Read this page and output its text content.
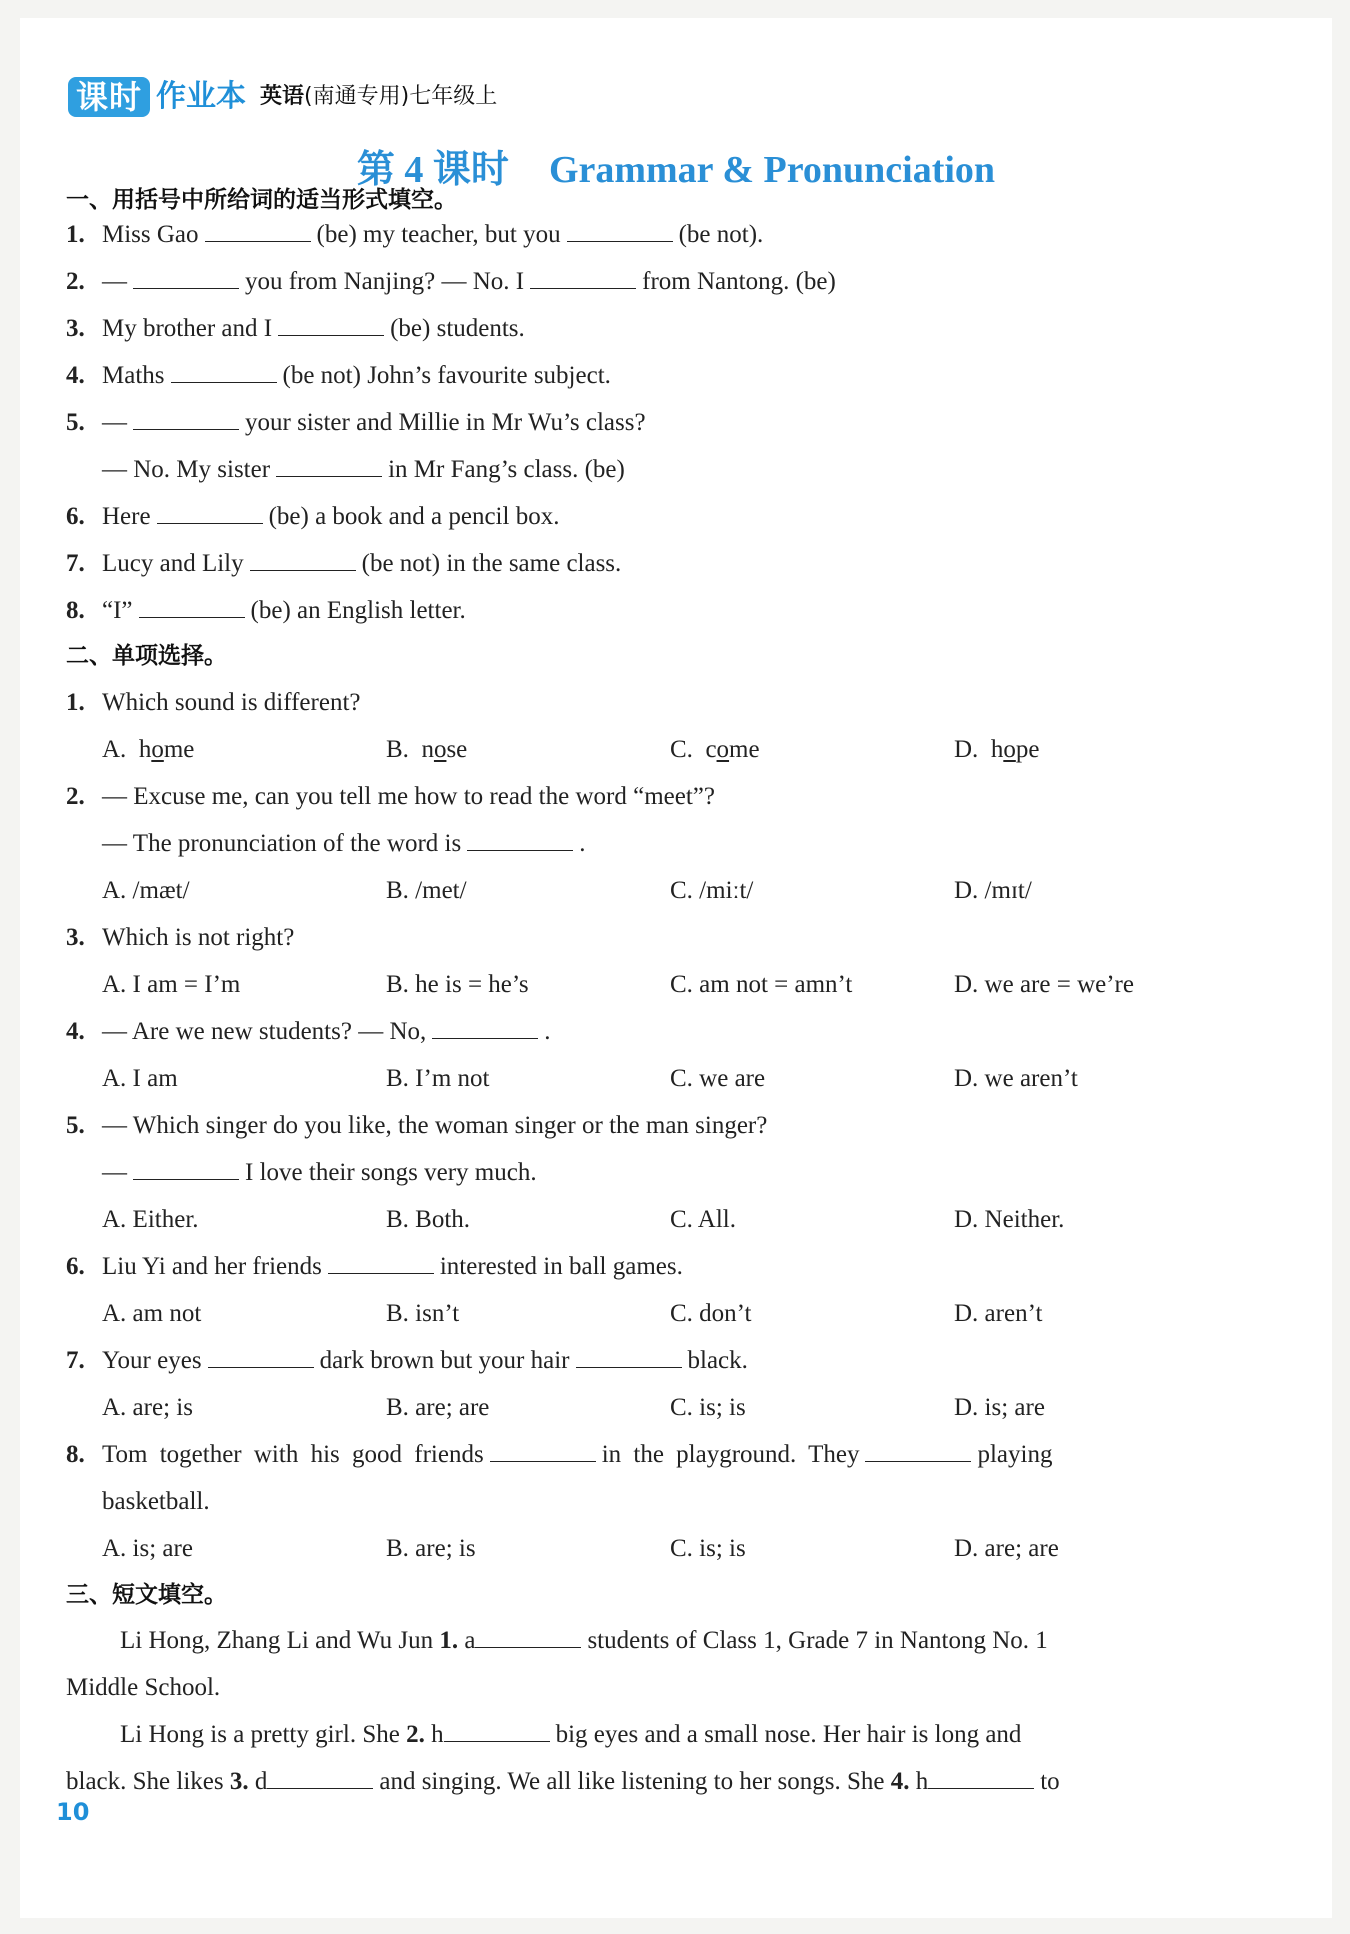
课时 作业本 英语(南通专用)七年级上
第 4 课时 Grammar & Pronunciation
一、用括号中所给词的适当形式填空。
1. Miss Gao	(be) my teacher, but you	(be not).
2. —	you from Nanjing? — No. I	from Nantong. (be)
3. My brother and I	(be) students.
4. Maths	(be not) John’s favourite subject.
5. —	your sister and Millie in Mr Wu’s class?
— No. My sister	in Mr Fang’s class. (be)
6. Here	(be) a book and a pencil box.
7. Lucy and Lily	(be not) in the same class.
8. “I”	(be) an English letter.
二、单项选择。
1. Which sound is different?
A. home	B. nose	C. come	D. hope
2. — Excuse me, can you tell me how to read the word “meet”?
— The pronunciation of the word is	.
A. /mæt/	B. /met/	C. /miːt/	D. /mɪt/
3. Which is not right?
A. I am = I’m	B. he is = he’s	C. am not = amn’t	D. we are = we’re
4. — Are we new students? — No,	.
A. I am	B. I’m not	C. we are	D. we aren’t
5. — Which singer do you like, the woman singer or the man singer?
—	I love their songs very much.
A. Either.	B. Both.	C. All.	D. Neither.
6. Liu Yi and her friends	interested in ball games.
A. am not	B. isn’t	C. don’t	D. aren’t
7. Your eyes	dark brown but your hair	black.
A. are; is	B. are; are	C. is; is	D. is; are
8. Tom together with his good friends	in the playground. They	playing
basketball.
A. is; are	B. are; is	C. is; is	D. are; are
三、短文填空。
Li Hong, Zhang Li and Wu Jun 1. a	students of Class 1, Grade 7 in Nantong No. 1
Middle School.
Li Hong is a pretty girl. She 2. h	big eyes and a small nose. Her hair is long and
black. She likes 3. d	and singing. We all like listening to her songs. She 4. h	to
10
